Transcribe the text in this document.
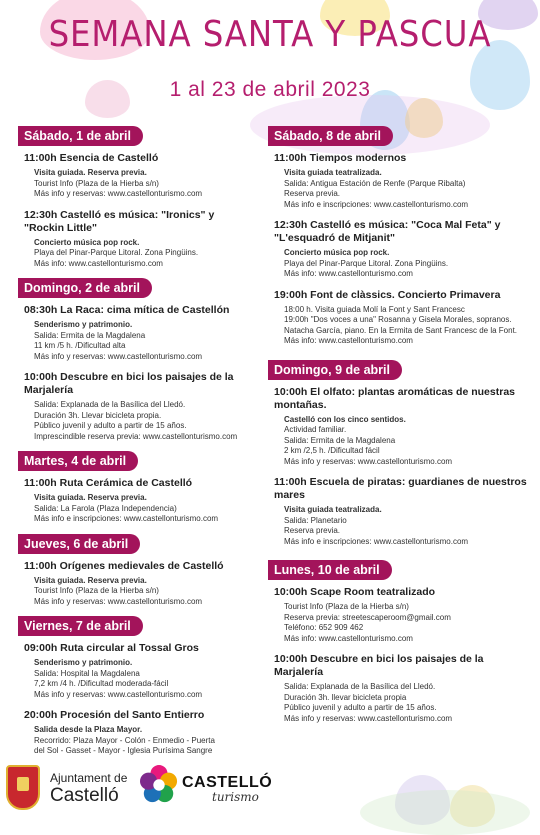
SEMANA SANTA Y PASCUA
1 al 23 de abril 2023
Sábado, 1 de abril
11:00h Esencia de Castelló
Visita guiada. Reserva previa.
Tourist Info (Plaza de la Hierba s/n)
Más info y reservas: www.castellonturismo.com
12:30h Castelló es música: "Ironics" y "Rockin Little"
Concierto música pop rock.
Playa del Pinar-Parque Litoral. Zona Pingüins.
Más info: www.castellonturismo.com
Domingo, 2 de abril
08:30h La Raca: cima mítica de Castellón
Senderismo y patrimonio.
Salida: Ermita de la Magdalena
11 km /5 h. /Dificultad alta
Más info y reservas: www.castellonturismo.com
10:00h Descubre en bici los paisajes de la Marjalería
Salida: Explanada de la Basílica del Lledó.
Duración 3h. Llevar bicicleta propia.
Público juvenil y adulto a partir de 15 años.
Imprescindible reserva previa: www.castellonturismo.com
Martes, 4 de abril
11:00h Ruta Cerámica de Castelló
Visita guiada. Reserva previa.
Salida: La Farola (Plaza Independencia)
Más info e inscripciones: www.castellonturismo.com
Jueves, 6 de abril
11:00h Orígenes medievales de Castelló
Visita guiada. Reserva previa.
Tourist Info (Plaza de la Hierba s/n)
Más info y reservas: www.castellonturismo.com
Viernes, 7 de abril
09:00h Ruta circular al Tossal Gros
Senderismo y patrimonio.
Salida: Hospital la Magdalena
7,2 km /4 h. /Dificultad moderada-fácil
Más info y reservas: www.castellonturismo.com
20:00h Procesión del Santo Entierro
Salida desde la Plaza Mayor.
Recorrido: Plaza Mayor - Colón - Enmedio - Puerta
del Sol - Gasset - Mayor - Iglesia Purísima Sangre
Sábado, 8 de abril
11:00h Tiempos modernos
Visita guiada teatralizada.
Salida: Antigua Estación de Renfe (Parque Ribalta)
Reserva previa.
Más info e inscripciones: www.castellonturismo.com
12:30h Castelló es música: "Coca Mal Feta" y "L'esquadró de Mitjanit"
Concierto música pop rock.
Playa del Pinar-Parque Litoral. Zona Pingüins.
Más info: www.castellonturismo.com
19:00h Font de clàssics. Concierto Primavera
18:00 h. Visita guiada Molí la Font y Sant Francesc
19:00h "Dos voces a una" Rosanna y Gisela Morales, sopranos.
Natacha García, piano. En la Ermita de Sant Francesc de la Font.
Más info: www.castellonturismo.com
Domingo, 9 de abril
10:00h El olfato: plantas aromáticas de nuestras montañas.
Castelló con los cinco sentidos.
Actividad familiar.
Salida: Ermita de la Magdalena
2 km /2,5 h. /Dificultad fácil
Más info y reservas: www.castellonturismo.com
11:00h Escuela de piratas: guardianes de nuestros mares
Visita guiada teatralizada.
Salida: Planetario
Reserva previa.
Más info e inscripciones: www.castellonturismo.com
Lunes, 10 de abril
10:00h Scape Room teatralizado
Tourist Info (Plaza de la Hierba s/n)
Reserva previa: streetescaperoom@gmail.com
Teléfono: 652 909 462
Más info: www.castellonturismo.com
10:00h Descubre en bici los paisajes de la Marjalería
Salida: Explanada de la Basílica del Lledó.
Duración 3h. llevar bicicleta propia
Público juvenil y adulto a partir de 15 años.
Más info y reservas: www.castellonturismo.com
Ajuntament de
Castelló
CASTELLÓ
turismo
